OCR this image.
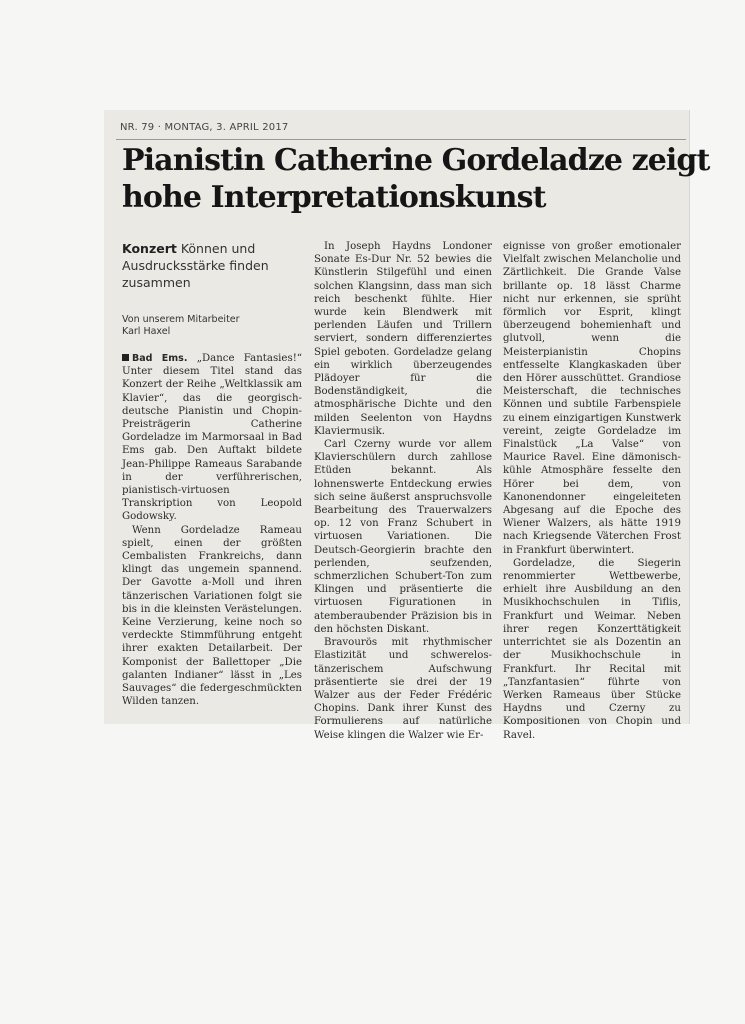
NR. 79 · MONTAG, 3. APRIL 2017
Pianistin Catherine Gordeladze zeigt
hohe Interpretationskunst
Konzert Können und Ausdrucksstärke finden zusammen
Von unserem Mitarbeiter
Karl Haxel

Bad Ems. „Dance Fantasies!“ Unter diesem Titel stand das Konzert der Reihe „Weltklassik am Klavier“, das die georgisch-deutsche Pianistin und Chopin-Preisträgerin Catherine Gordeladze im Marmorsaal in Bad Ems gab. Den Auftakt bildete Jean-Philippe Rameaus Sarabande in der verführerischen, pianistisch-virtuosen Transkription von Leopold Godowsky.

Wenn Gordeladze Rameau spielt, einen der größten Cembalisten Frankreichs, dann klingt das ungemein spannend. Der Gavotte a-Moll und ihren tänzerischen Variationen folgt sie bis in die kleinsten Verästelungen. Keine Verzierung, keine noch so verdeckte Stimmführung entgeht ihrer exakten Detailarbeit. Der Komponist der Ballettoper „Die galanten Indianer“ lässt in „Les Sauvages“ die federgeschmückten Wilden tanzen.

In Joseph Haydns Londoner Sonate Es-Dur Nr. 52 bewies die Künstlerin Stilgefühl und einen solchen Klangsinn, dass man sich reich beschenkt fühlte. Hier wurde kein Blendwerk mit perlenden Läufen und Trillern serviert, sondern differenziertes Spiel geboten. Gordeladze gelang ein wirklich überzeugendes Plädoyer für die Bodenständigkeit, die atmosphärische Dichte und den milden Seelenton von Haydns Klaviermusik.

Carl Czerny wurde vor allem Klavierschülern durch zahllose Etüden bekannt. Als lohnenswerte Entdeckung erwies sich seine äußerst anspruchsvolle Bearbeitung des Trauerwalzers op. 12 von Franz Schubert in virtuosen Variationen. Die Deutsch-Georgierin brachte den perlenden, seufzenden, schmerzlichen Schubert-Ton zum Klingen und präsentierte die virtuosen Figurationen in atemberaubender Präzision bis in den höchsten Diskant.

Bravourös mit rhythmischer Elastizität und schwerelos-tänzerischem Aufschwung präsentierte sie drei der 19 Walzer aus der Feder Frédéric Chopins. Dank ihrer Kunst des Formulierens auf natürliche Weise klingen die Walzer wie Er-

eignisse von großer emotionaler Vielfalt zwischen Melancholie und Zärtlichkeit. Die Grande Valse brillante op. 18 lässt Charme nicht nur erkennen, sie sprüht förmlich vor Esprit, klingt überzeugend bohemienhaft und glutvoll, wenn die Meisterpianistin Chopins entfesselte Klangkaskaden über den Hörer ausschüttet. Grandiose Meisterschaft, die technisches Können und subtile Farbenspiele zu einem einzigartigen Kunstwerk vereint, zeigte Gordeladze im Finalstück „La Valse“ von Maurice Ravel. Eine dämonisch-kühle Atmosphäre fesselte den Hörer bei dem, von Kanonendonner eingeleiteten Abgesang auf die Epoche des Wiener Walzers, als hätte 1919 nach Kriegsende Väterchen Frost in Frankfurt überwintert.

Gordeladze, die Siegerin renommierter Wettbewerbe, erhielt ihre Ausbildung an den Musikhochschulen in Tiflis, Frankfurt und Weimar. Neben ihrer regen Konzerttätigkeit unterrichtet sie als Dozentin an der Musikhochschule in Frankfurt. Ihr Recital mit „Tanzfantasien“ führte von Werken Rameaus über Stücke Haydns und Czerny zu Kompositionen von Chopin und Ravel.
